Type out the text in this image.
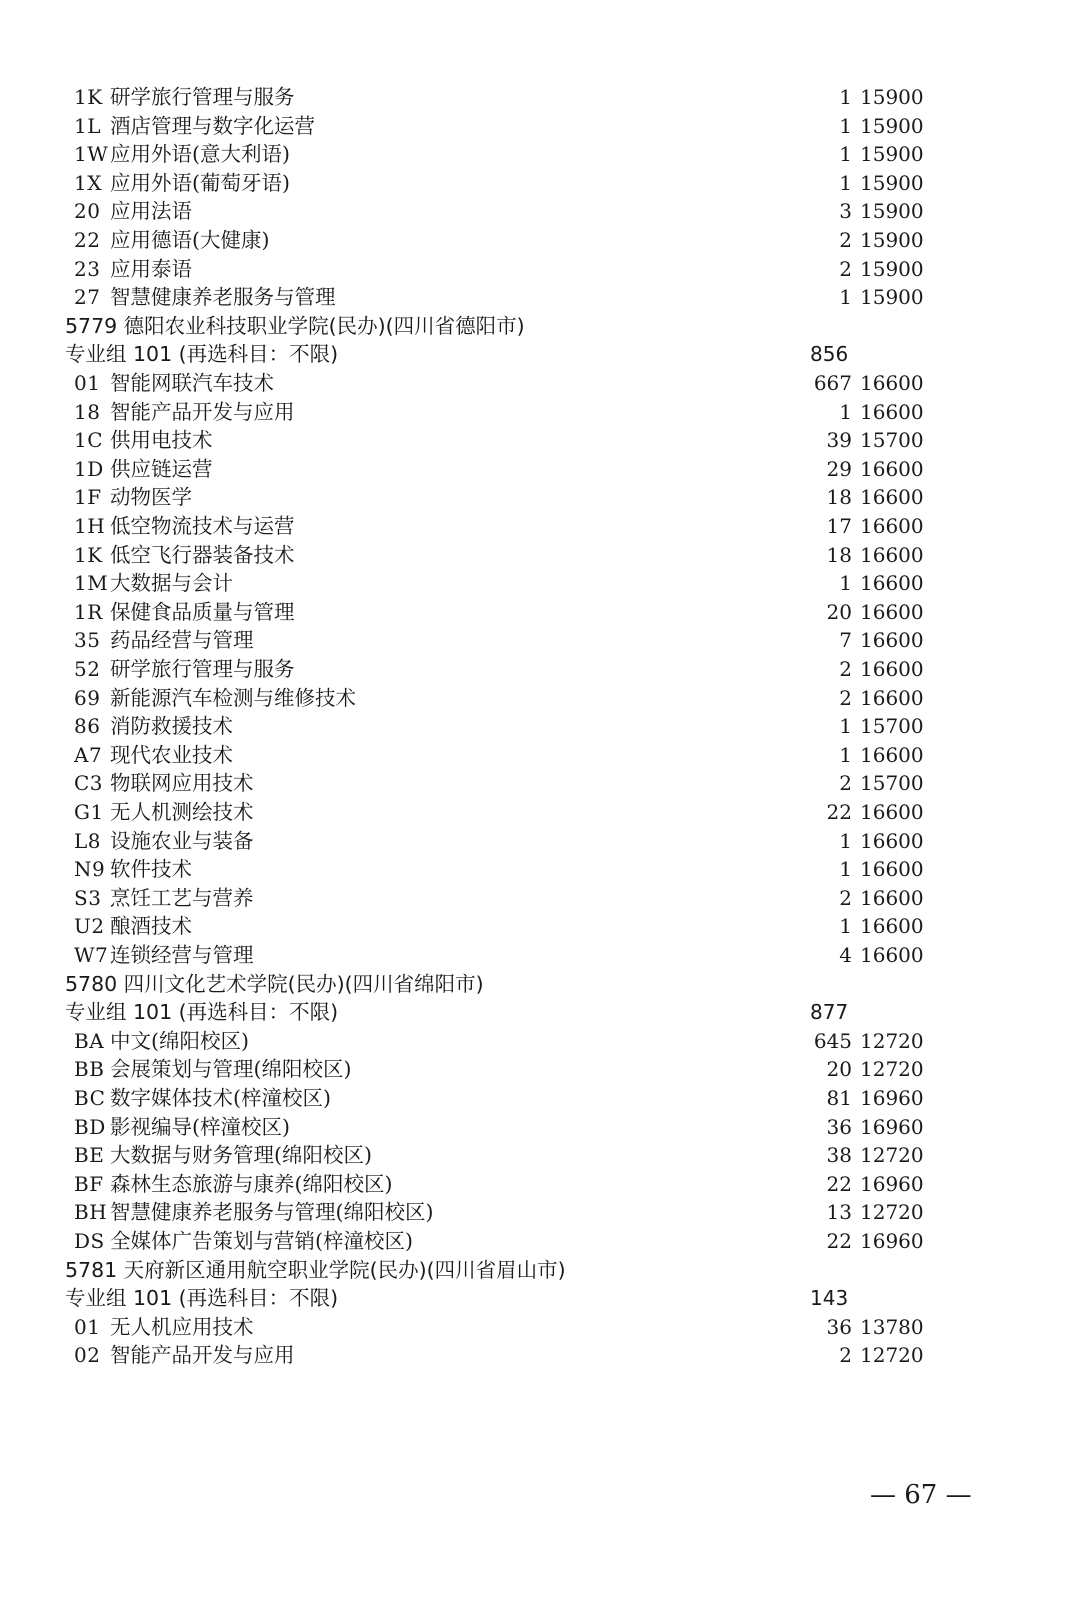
1K 研学旅行管理与服务	1 15900
1L 酒店管理与数字化运营	1 15900
1W 应用外语(意大利语)	1 15900
1X 应用外语(葡萄牙语)	1 15900
20 应用法语	3 15900
22 应用德语(大健康)	2 15900
23 应用泰语	2 15900
27 智慧健康养老服务与管理	1 15900
5779 德阳农业科技职业学院(民办)(四川省德阳市)
专业组 101 (再选科目：不限)	856
01 智能网联汽车技术	667 16600
18 智能产品开发与应用	1 16600
1C 供用电技术	39 15700
1D 供应链运营	29 16600
1F 动物医学	18 16600
1H 低空物流技术与运营	17 16600
1K 低空飞行器装备技术	18 16600
1M 大数据与会计	1 16600
1R 保健食品质量与管理	20 16600
35 药品经营与管理	7 16600
52 研学旅行管理与服务	2 16600
69 新能源汽车检测与维修技术	2 16600
86 消防救援技术	1 15700
A7 现代农业技术	1 16600
C3 物联网应用技术	2 15700
G1 无人机测绘技术	22 16600
L8 设施农业与装备	1 16600
N9 软件技术	1 16600
S3 烹饪工艺与营养	2 16600
U2 酿酒技术	1 16600
W7 连锁经营与管理	4 16600
5780 四川文化艺术学院(民办)(四川省绵阳市)
专业组 101 (再选科目：不限)	877
BA 中文(绵阳校区)	645 12720
BB 会展策划与管理(绵阳校区)	20 12720
BC 数字媒体技术(梓潼校区)	81 16960
BD 影视编导(梓潼校区)	36 16960
BE 大数据与财务管理(绵阳校区)	38 12720
BF 森林生态旅游与康养(绵阳校区)	22 16960
BH 智慧健康养老服务与管理(绵阳校区)	13 12720
DS 全媒体广告策划与营销(梓潼校区)	22 16960
5781 天府新区通用航空职业学院(民办)(四川省眉山市)
专业组 101 (再选科目：不限)	143
01 无人机应用技术	36 13780
02 智能产品开发与应用	2 12720
— 67 —
